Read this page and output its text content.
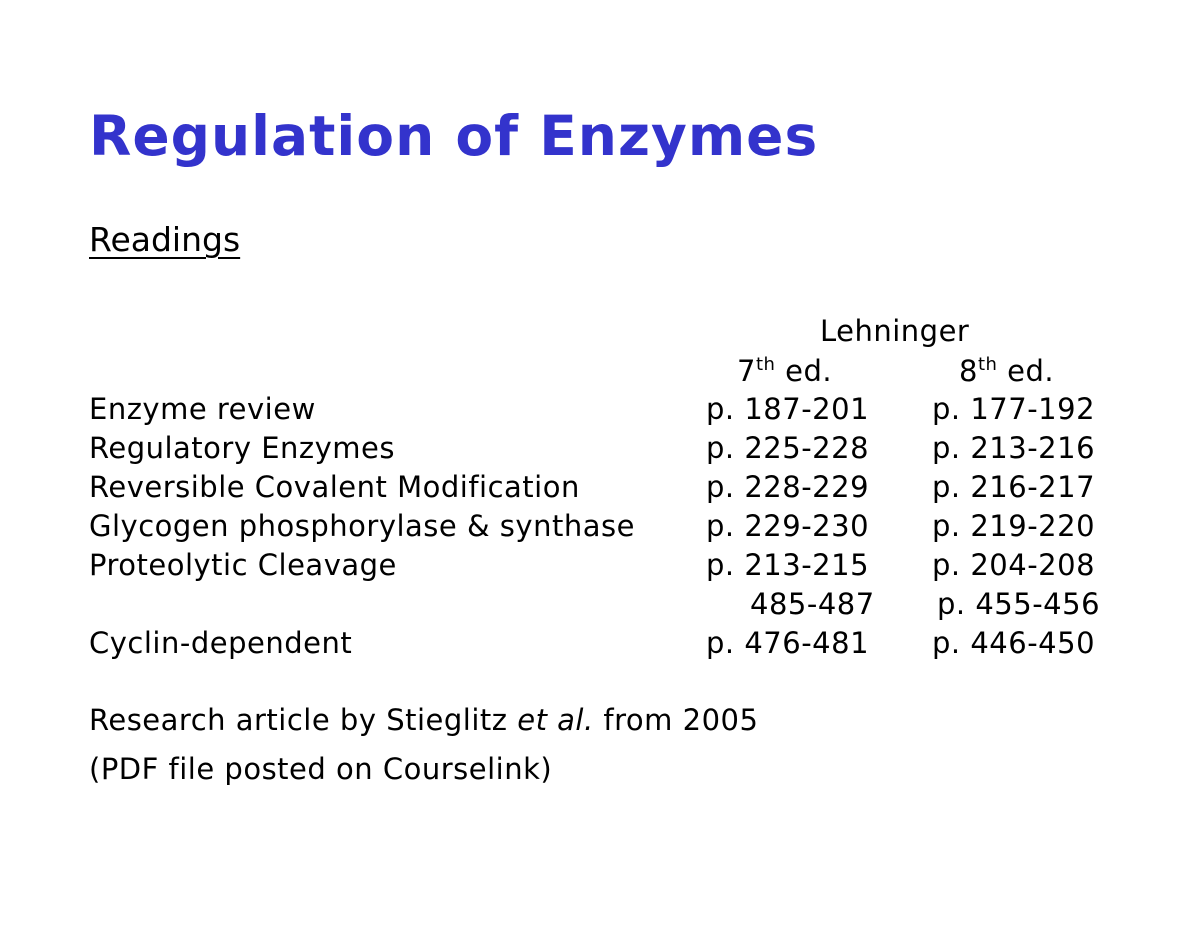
Regulation of Enzymes
Readings
Lehninger
7th ed.	8th ed.
Enzyme review	p. 187-201 p. 177-192
Regulatory Enzymes	p. 225-228 p. 213-216
Reversible Covalent Modification	p. 228-229 p. 216-217
Glycogen phosphorylase & synthase p. 229-230 p. 219-220
Proteolytic Cleavage	p. 213-215 p. 204-208
485-487 p. 455-456
Cyclin-dependent	p. 476-481 p. 446-450
Research article by Stieglitz et al. from 2005
(PDF file posted on Courselink)
